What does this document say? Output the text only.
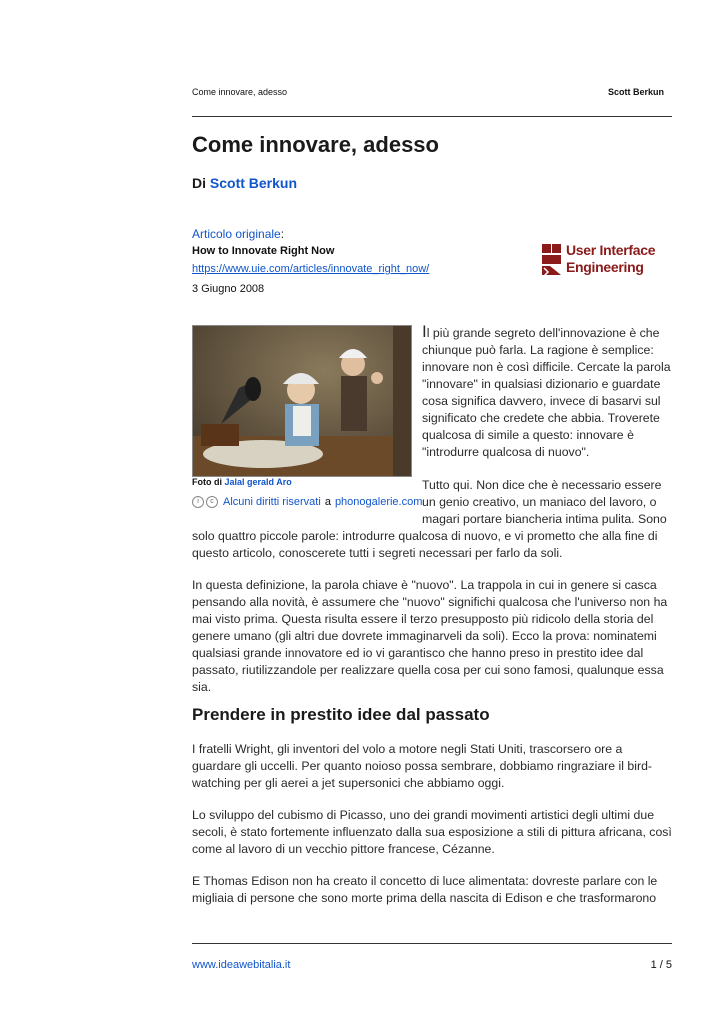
Come innovare, adesso	Scott Berkun
Come innovare, adesso
Di Scott Berkun
Articolo originale:
How to Innovate Right Now
https://www.uie.com/articles/innovate_right_now/
3 Giugno 2008
User Interface
Engineering
Foto di Jalal gerald Aro
i	c Alcuni diritti riservati a phonogalerie.com

Il più grande segreto dell'innovazione è che chiunque può farla. La ragione è semplice: innovare non è così difficile. Cercate la parola "innovare" in qualsiasi dizionario e guardate cosa significa davvero, invece di basarvi sul significato che credete che abbia. Troverete qualcosa di simile a questo: innovare è "introdurre qualcosa di nuovo".

Tutto qui. Non dice che è necessario essere un genio creativo, un maniaco del lavoro, o magari portare biancheria intima pulita. Sono

solo quattro piccole parole: introdurre qualcosa di nuovo, e vi prometto che alla fine di questo articolo, conoscerete tutti i segreti necessari per farlo da soli.

In questa definizione, la parola chiave è "nuovo". La trappola in cui in genere si casca pensando alla novità, è assumere che "nuovo" significhi qualcosa che l'universo non ha mai visto prima. Questa risulta essere il terzo presupposto più ridicolo della storia del genere umano (gli altri due dovrete immaginarveli da soli). Ecco la prova: nominatemi qualsiasi grande innovatore ed io vi garantisco che hanno preso in prestito idee dal passato, riutilizzandole per realizzare quella cosa per cui sono famosi, qualunque essa sia.

Prendere in prestito idee dal passato

I fratelli Wright, gli inventori del volo a motore negli Stati Uniti, trascorsero ore a guardare gli uccelli. Per quanto noioso possa sembrare, dobbiamo ringraziare il bird-watching per gli aerei a jet supersonici che abbiamo oggi.

Lo sviluppo del cubismo di Picasso, uno dei grandi movimenti artistici degli ultimi due secoli, è stato fortemente influenzato dalla sua esposizione a stili di pittura africana, così come al lavoro di un vecchio pittore francese, Cézanne.

E Thomas Edison non ha creato il concetto di luce alimentata: dovreste parlare con le migliaia di persone che sono morte prima della nascita di Edison e che trasformarono

www.ideawebitalia.it	1 / 5
